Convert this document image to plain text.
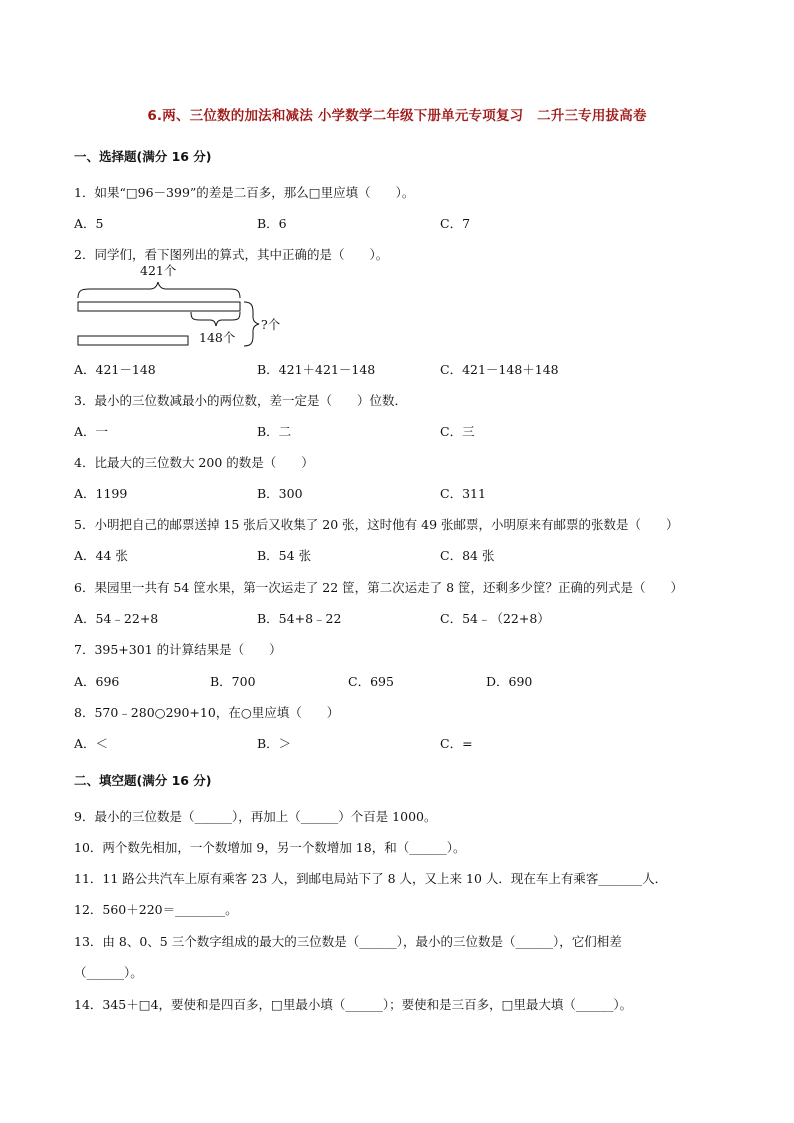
6.两、三位数的加法和减法 小学数学二年级下册单元专项复习　二升三专用拔高卷
一、选择题(满分 16 分)
1．如果“□96－399”的差是二百多，那么□里应填（　　）。
A．5	B．6	C．7
2．同学们，看下图列出的算式，其中正确的是（　　）。
421个
148个
?个
A．421－148	B．421＋421－148	C．421－148＋148
3．最小的三位数减最小的两位数，差一定是（　　）位数．
A．一	B．二	C．三
4．比最大的三位数大 200 的数是（　　）
A．1199	B．300	C．311
5．小明把自己的邮票送掉 15 张后又收集了 20 张，这时他有 49 张邮票，小明原来有邮票的张数是（　　）
A．44 张	B．54 张	C．84 张
6．果园里一共有 54 筐水果，第一次运走了 22 筐，第二次运走了 8 筐，还剩多少筐？正确的列式是（　　）
A．54﹣22+8	B．54+8﹣22	C．54﹣（22+8）
7．395+301 的计算结果是（　　）
A．696	B．700	C．695	D．690
8．570﹣280○290+10，在○里应填（　　）
A．＜	B．＞	C．=
二、填空题(满分 16 分)
9．最小的三位数是（______），再加上（______）个百是 1000。
10．两个数先相加，一个数增加 9，另一个数增加 18，和（______）。
11．11 路公共汽车上原有乘客 23 人，到邮电局站下了 8 人，又上来 10 人．现在车上有乘客_______人．
12．560＋220＝________。
13．由 8、0、5 三个数字组成的最大的三位数是（______），最小的三位数是（______），它们相差
（______）。
14．345＋□4，要使和是四百多，□里最小填（______）；要使和是三百多，□里最大填（______）。
